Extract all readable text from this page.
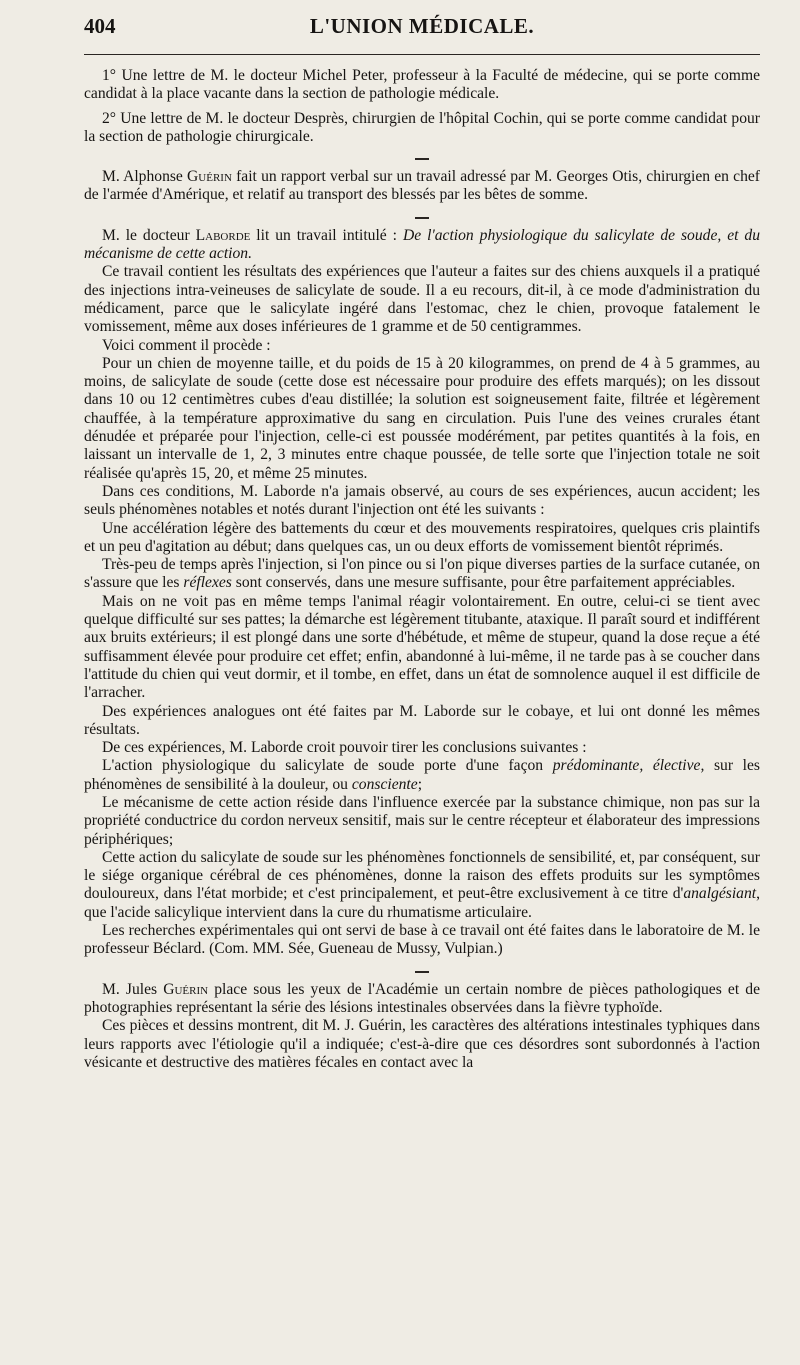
404	L'UNION MÉDICALE.

1° Une lettre de M. le docteur Michel Peter, professeur à la Faculté de médecine, qui se porte comme candidat à la place vacante dans la section de pathologie médicale.

2° Une lettre de M. le docteur Desprès, chirurgien de l'hôpital Cochin, qui se porte comme candidat pour la section de pathologie chirurgicale.

M. Alphonse Guérin fait un rapport verbal sur un travail adressé par M. Georges Otis, chirurgien en chef de l'armée d'Amérique, et relatif au transport des blessés par les bêtes de somme.

M. le docteur Laborde lit un travail intitulé : De l'action physiologique du salicylate de soude, et du mécanisme de cette action.

Ce travail contient les résultats des expériences que l'auteur a faites sur des chiens auxquels il a pratiqué des injections intra-veineuses de salicylate de soude. Il a eu recours, dit-il, à ce mode d'administration du médicament, parce que le salicylate ingéré dans l'estomac, chez le chien, provoque fatalement le vomissement, même aux doses inférieures de 1 gramme et de 50 centigrammes.

Voici comment il procède :

Pour un chien de moyenne taille, et du poids de 15 à 20 kilogrammes, on prend de 4 à 5 grammes, au moins, de salicylate de soude (cette dose est nécessaire pour produire des effets marqués); on les dissout dans 10 ou 12 centimètres cubes d'eau distillée; la solution est soigneusement faite, filtrée et légèrement chauffée, à la température approximative du sang en circulation. Puis l'une des veines crurales étant dénudée et préparée pour l'injection, celle-ci est poussée modérément, par petites quantités à la fois, en laissant un intervalle de 1, 2, 3 minutes entre chaque poussée, de telle sorte que l'injection totale ne soit réalisée qu'après 15, 20, et même 25 minutes.

Dans ces conditions, M. Laborde n'a jamais observé, au cours de ses expériences, aucun accident; les seuls phénomènes notables et notés durant l'injection ont été les suivants :

Une accélération légère des battements du cœur et des mouvements respiratoires, quelques cris plaintifs et un peu d'agitation au début; dans quelques cas, un ou deux efforts de vomissement bientôt réprimés.

Très-peu de temps après l'injection, si l'on pince ou si l'on pique diverses parties de la surface cutanée, on s'assure que les réflexes sont conservés, dans une mesure suffisante, pour être parfaitement appréciables.

Mais on ne voit pas en même temps l'animal réagir volontairement. En outre, celui-ci se tient avec quelque difficulté sur ses pattes; la démarche est légèrement titubante, ataxique. Il paraît sourd et indifférent aux bruits extérieurs; il est plongé dans une sorte d'hébétude, et même de stupeur, quand la dose reçue a été suffisamment élevée pour produire cet effet; enfin, abandonné à lui-même, il ne tarde pas à se coucher dans l'attitude du chien qui veut dormir, et il tombe, en effet, dans un état de somnolence auquel il est difficile de l'arracher.

Des expériences analogues ont été faites par M. Laborde sur le cobaye, et lui ont donné les mêmes résultats.

De ces expériences, M. Laborde croit pouvoir tirer les conclusions suivantes :

L'action physiologique du salicylate de soude porte d'une façon prédominante, élective, sur les phénomènes de sensibilité à la douleur, ou consciente;

Le mécanisme de cette action réside dans l'influence exercée par la substance chimique, non pas sur la propriété conductrice du cordon nerveux sensitif, mais sur le centre récepteur et élaborateur des impressions périphériques;

Cette action du salicylate de soude sur les phénomènes fonctionnels de sensibilité, et, par conséquent, sur le siége organique cérébral de ces phénomènes, donne la raison des effets produits sur les symptômes douloureux, dans l'état morbide; et c'est principalement, et peut-être exclusivement à ce titre d'analgésiant, que l'acide salicylique intervient dans la cure du rhumatisme articulaire.

Les recherches expérimentales qui ont servi de base à ce travail ont été faites dans le laboratoire de M. le professeur Béclard. (Com. MM. Sée, Gueneau de Mussy, Vulpian.)

M. Jules Guérin place sous les yeux de l'Académie un certain nombre de pièces pathologiques et de photographies représentant la série des lésions intestinales observées dans la fièvre typhoïde.

Ces pièces et dessins montrent, dit M. J. Guérin, les caractères des altérations intestinales typhiques dans leurs rapports avec l'étiologie qu'il a indiquée; c'est-à-dire que ces désordres sont subordonnés à l'action vésicante et destructive des matières fécales en contact avec la
